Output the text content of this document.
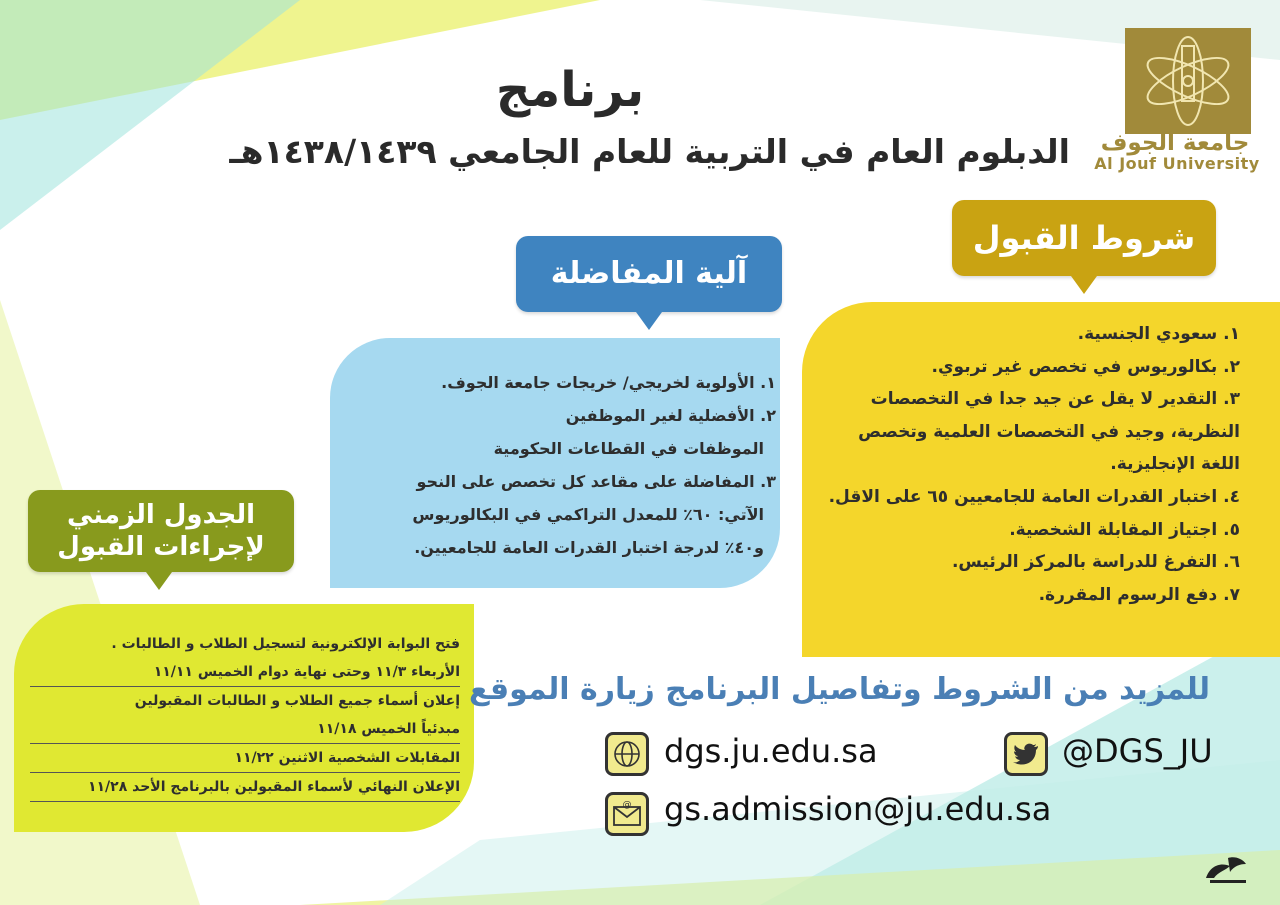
جامعة الجوف
Al Jouf University
برنامج
الدبلوم العام في التربية للعام الجامعي ١٤٣٨/١٤٣٩هـ
شروط القبول
آلية المفاضلة
الجدول الزمني
لإجراءات القبول
١. سعودي الجنسية.
٢. بكالوريوس في تخصص غير تربوي.
٣. التقدير لا يقل عن جيد جدا في التخصصات
النظرية، وجيد في التخصصات العلمية وتخصص
اللغة الإنجليزية.
٤. اختبار القدرات العامة للجامعيين ٦٥ على الاقل.
٥. اجتياز المقابلة الشخصية.
٦. التفرغ للدراسة بالمركز الرئيس.
٧. دفع الرسوم المقررة.
١. الأولوية لخريجي/ خريجات جامعة الجوف.
٢. الأفضلية لغير الموظفين
الموظفات في القطاعات الحكومية
٣. المفاضلة على مقاعد كل تخصص على النحو
الآتي: ٦٠٪ للمعدل التراكمي في البكالوريوس
و٤٠٪ لدرجة اختبار القدرات العامة للجامعيين.
فتح البوابة الإلكترونية لتسجيل الطلاب و الطالبات .
الأربعاء ١١/٣ وحتى نهاية دوام الخميس ١١/١١
إعلان أسماء جميع الطلاب و الطالبات المقبولين
مبدئياً الخميس ١١/١٨
المقابلات الشخصية الاثنين ١١/٢٢
الإعلان النهائي لأسماء المقبولين بالبرنامج الأحد ١١/٢٨
للمزيد من الشروط وتفاصيل البرنامج زيارة الموقع
@DGS_JU
dgs.ju.edu.sa
@ gs.admission@ju.edu.sa
